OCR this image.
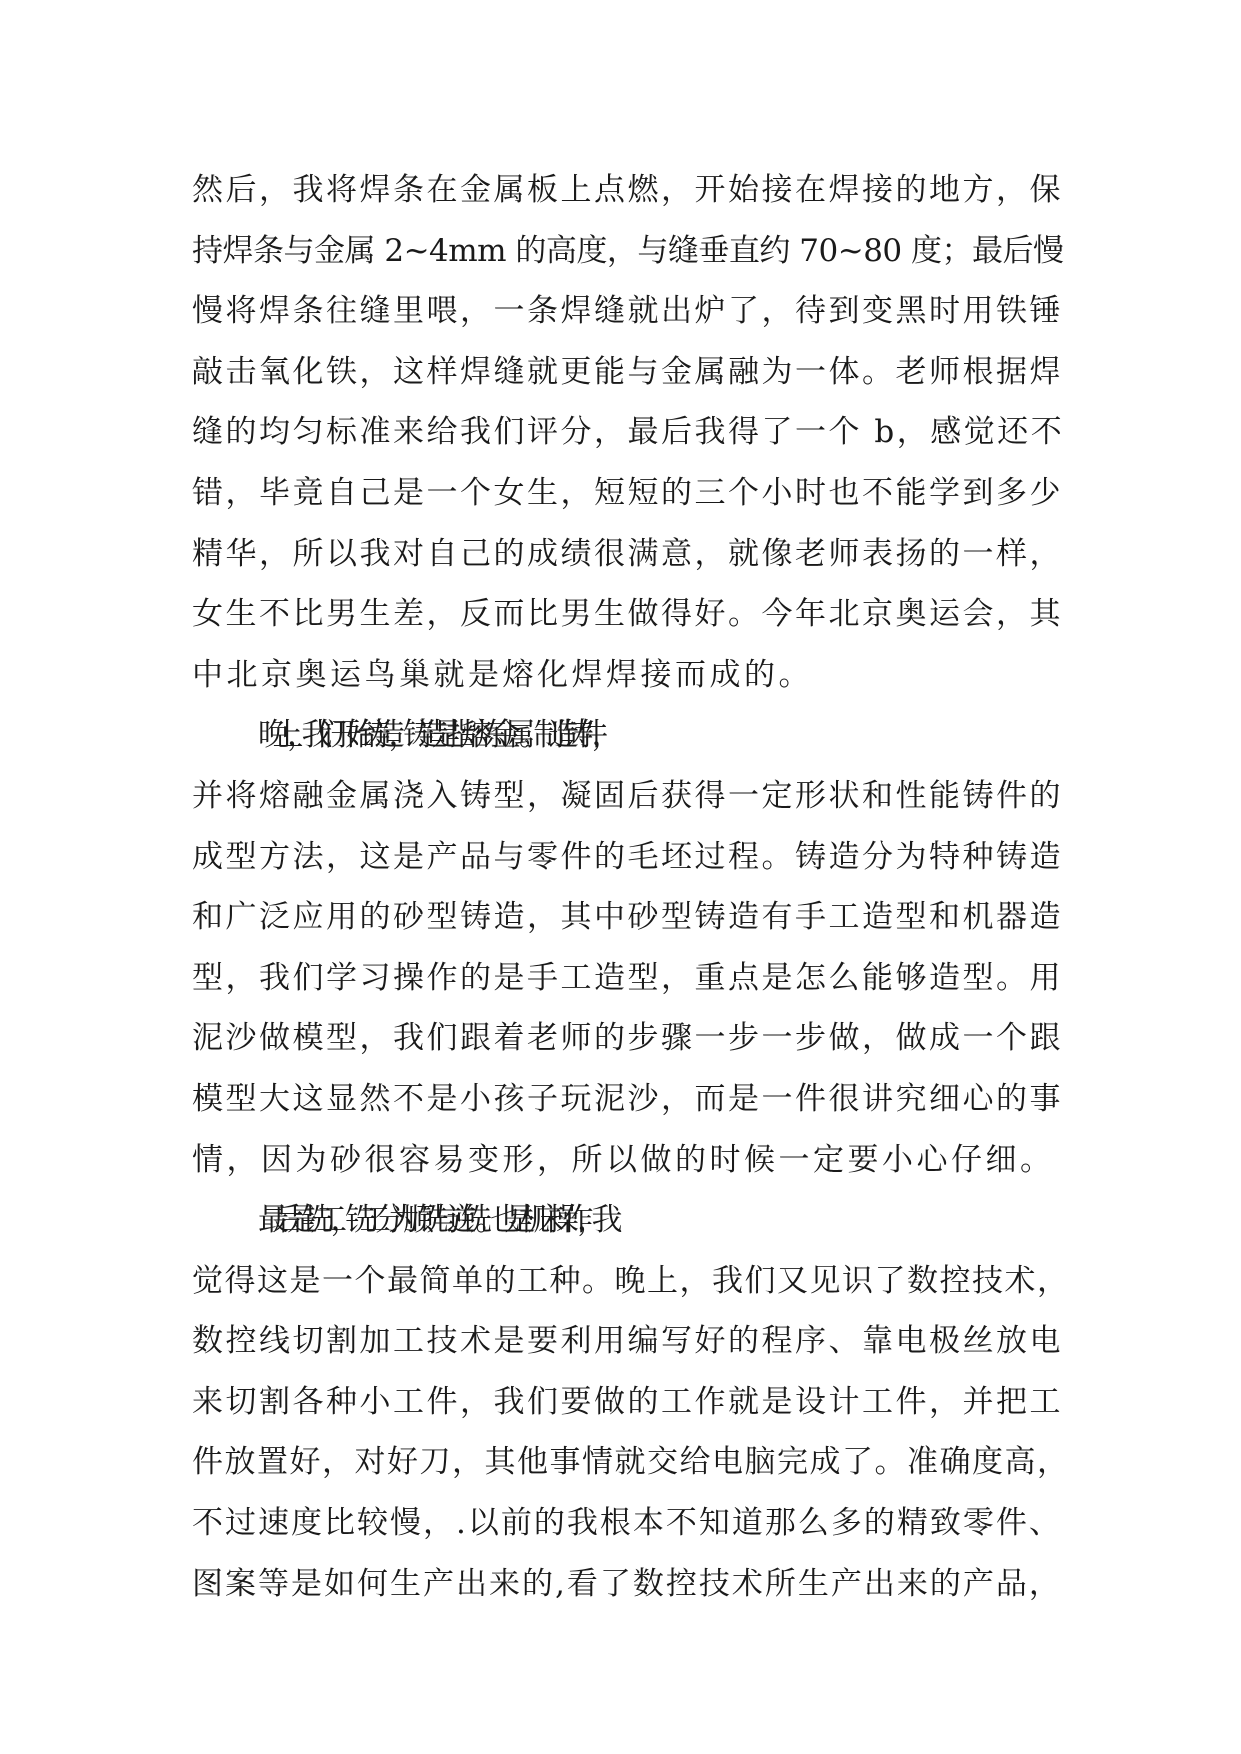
然后，我将焊条在金属板上点燃，开始接在焊接的地方，保
持焊条与金属 2~4mm 的高度，与缝垂直约 70~80 度；最后慢
慢将焊条往缝里喂，一条焊缝就出炉了，待到变黑时用铁锤
敲击氧化铁，这样焊缝就更能与金属融为一体。老师根据焊
缝的均匀标准来给我们评分，最后我得了一个 b，感觉还不
错，毕竟自己是一个女生，短短的三个小时也不能学到多少
精华，所以我对自己的成绩很满意，就像老师表扬的一样，
女生不比男生差，反而比男生做得好。今年北京奥运会，其
中北京奥运鸟巢就是熔化焊焊接而成的。
晚上，我们开始铸造，铸造是指熔炼金属。制造铸件，
并将熔融金属浇入铸型，凝固后获得一定形状和性能铸件的
成型方法，这是产品与零件的毛坯过程。铸造分为特种铸造
和广泛应用的砂型铸造，其中砂型铸造有手工造型和机器造
型，我们学习操作的是手工造型，重点是怎么能够造型。用
泥沙做模型，我们跟着老师的步骤一步一步做，做成一个跟
模型大这显然不是小孩子玩泥沙，而是一件很讲究细心的事
情，因为砂很容易变形，所以做的时候一定要小心仔细。
最后是铣工，铣工分为顺铣与逆铣。也是机床操作，我
觉得这是一个最简单的工种。晚上，我们又见识了数控技术，
数控线切割加工技术是要利用编写好的程序、靠电极丝放电
来切割各种小工件，我们要做的工作就是设计工件，并把工
件放置好，对好刀，其他事情就交给电脑完成了。准确度高，
不过速度比较慢，.以前的我根本不知道那么多的精致零件、
图案等是如何生产出来的,看了数控技术所生产出来的产品，
